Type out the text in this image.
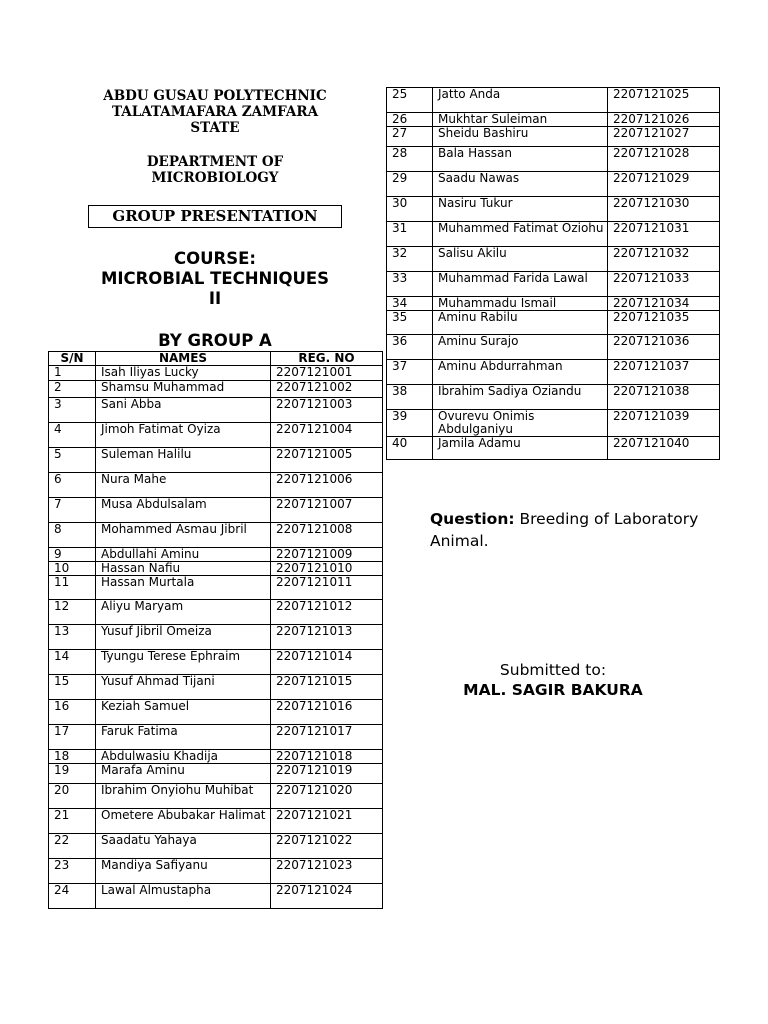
ABDU GUSAU POLYTECHNIC
TALATAMAFARA ZAMFARA
STATE
DEPARTMENT OF
MICROBIOLOGY
GROUP PRESENTATION
COURSE:
MICROBIAL TECHNIQUES
II
BY GROUP A
S/N	NAMES	REG. NO
1	Isah Iliyas Lucky	2207121001
2	Shamsu Muhammad	2207121002
3	Sani Abba	2207121003
4	Jimoh Fatimat Oyiza	2207121004
5	Suleman Halilu	2207121005
6	Nura Mahe	2207121006
7	Musa Abdulsalam	2207121007
8	Mohammed Asmau Jibril	2207121008
9	Abdullahi Aminu	2207121009
10	Hassan Nafiu	2207121010
11	Hassan Murtala	2207121011
12	Aliyu Maryam	2207121012
13	Yusuf Jibril Omeiza	2207121013
14	Tyungu Terese Ephraim	2207121014
15	Yusuf Ahmad Tijani	2207121015
16	Keziah Samuel	2207121016
17	Faruk Fatima	2207121017
18	Abdulwasiu Khadija	2207121018
19	Marafa Aminu	2207121019
20	Ibrahim Onyiohu Muhibat	2207121020
21	Ometere Abubakar Halimat	2207121021
22	Saadatu Yahaya	2207121022
23	Mandiya Safiyanu	2207121023
24	Lawal Almustapha	2207121024
25	Jatto Anda	2207121025
26	Mukhtar Suleiman	2207121026
27	Sheidu Bashiru	2207121027
28	Bala Hassan	2207121028
29	Saadu Nawas	2207121029
30	Nasiru Tukur	2207121030
31	Muhammed Fatimat Oziohu	2207121031
32	Salisu Akilu	2207121032
33	Muhammad Farida Lawal	2207121033
34	Muhammadu Ismail	2207121034
35	Aminu Rabilu	2207121035
36	Aminu Surajo	2207121036
37	Aminu Abdurrahman	2207121037
38	Ibrahim Sadiya Oziandu	2207121038
39	Ovurevu Onimis Abdulganiyu	2207121039
40	Jamila Adamu	2207121040
Question: Breeding of Laboratory Animal.
Submitted to:
MAL. SAGIR BAKURA
